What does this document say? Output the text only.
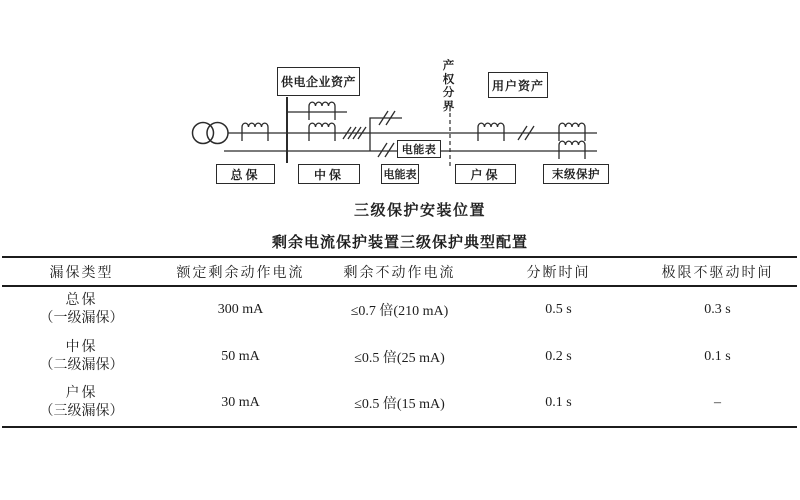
供电企业资产	用户资产
产权分界
电能表
总保	中保	电能表	户保	末级保护
三级保护安装位置
剩余电流保护装置三级保护典型配置
漏保类型	额定剩余动作电流	剩余不动作电流	分断时间	极限不驱动时间

总保
（一级漏保）	300 mA	≤0.7 倍(210 mA)	0.5 s	0.3 s

中保
（二级漏保）	50 mA	≤0.5 倍(25 mA)	0.2 s	0.1 s

户保
（三级漏保）	30 mA	≤0.5 倍(15 mA)	0.1 s	–
